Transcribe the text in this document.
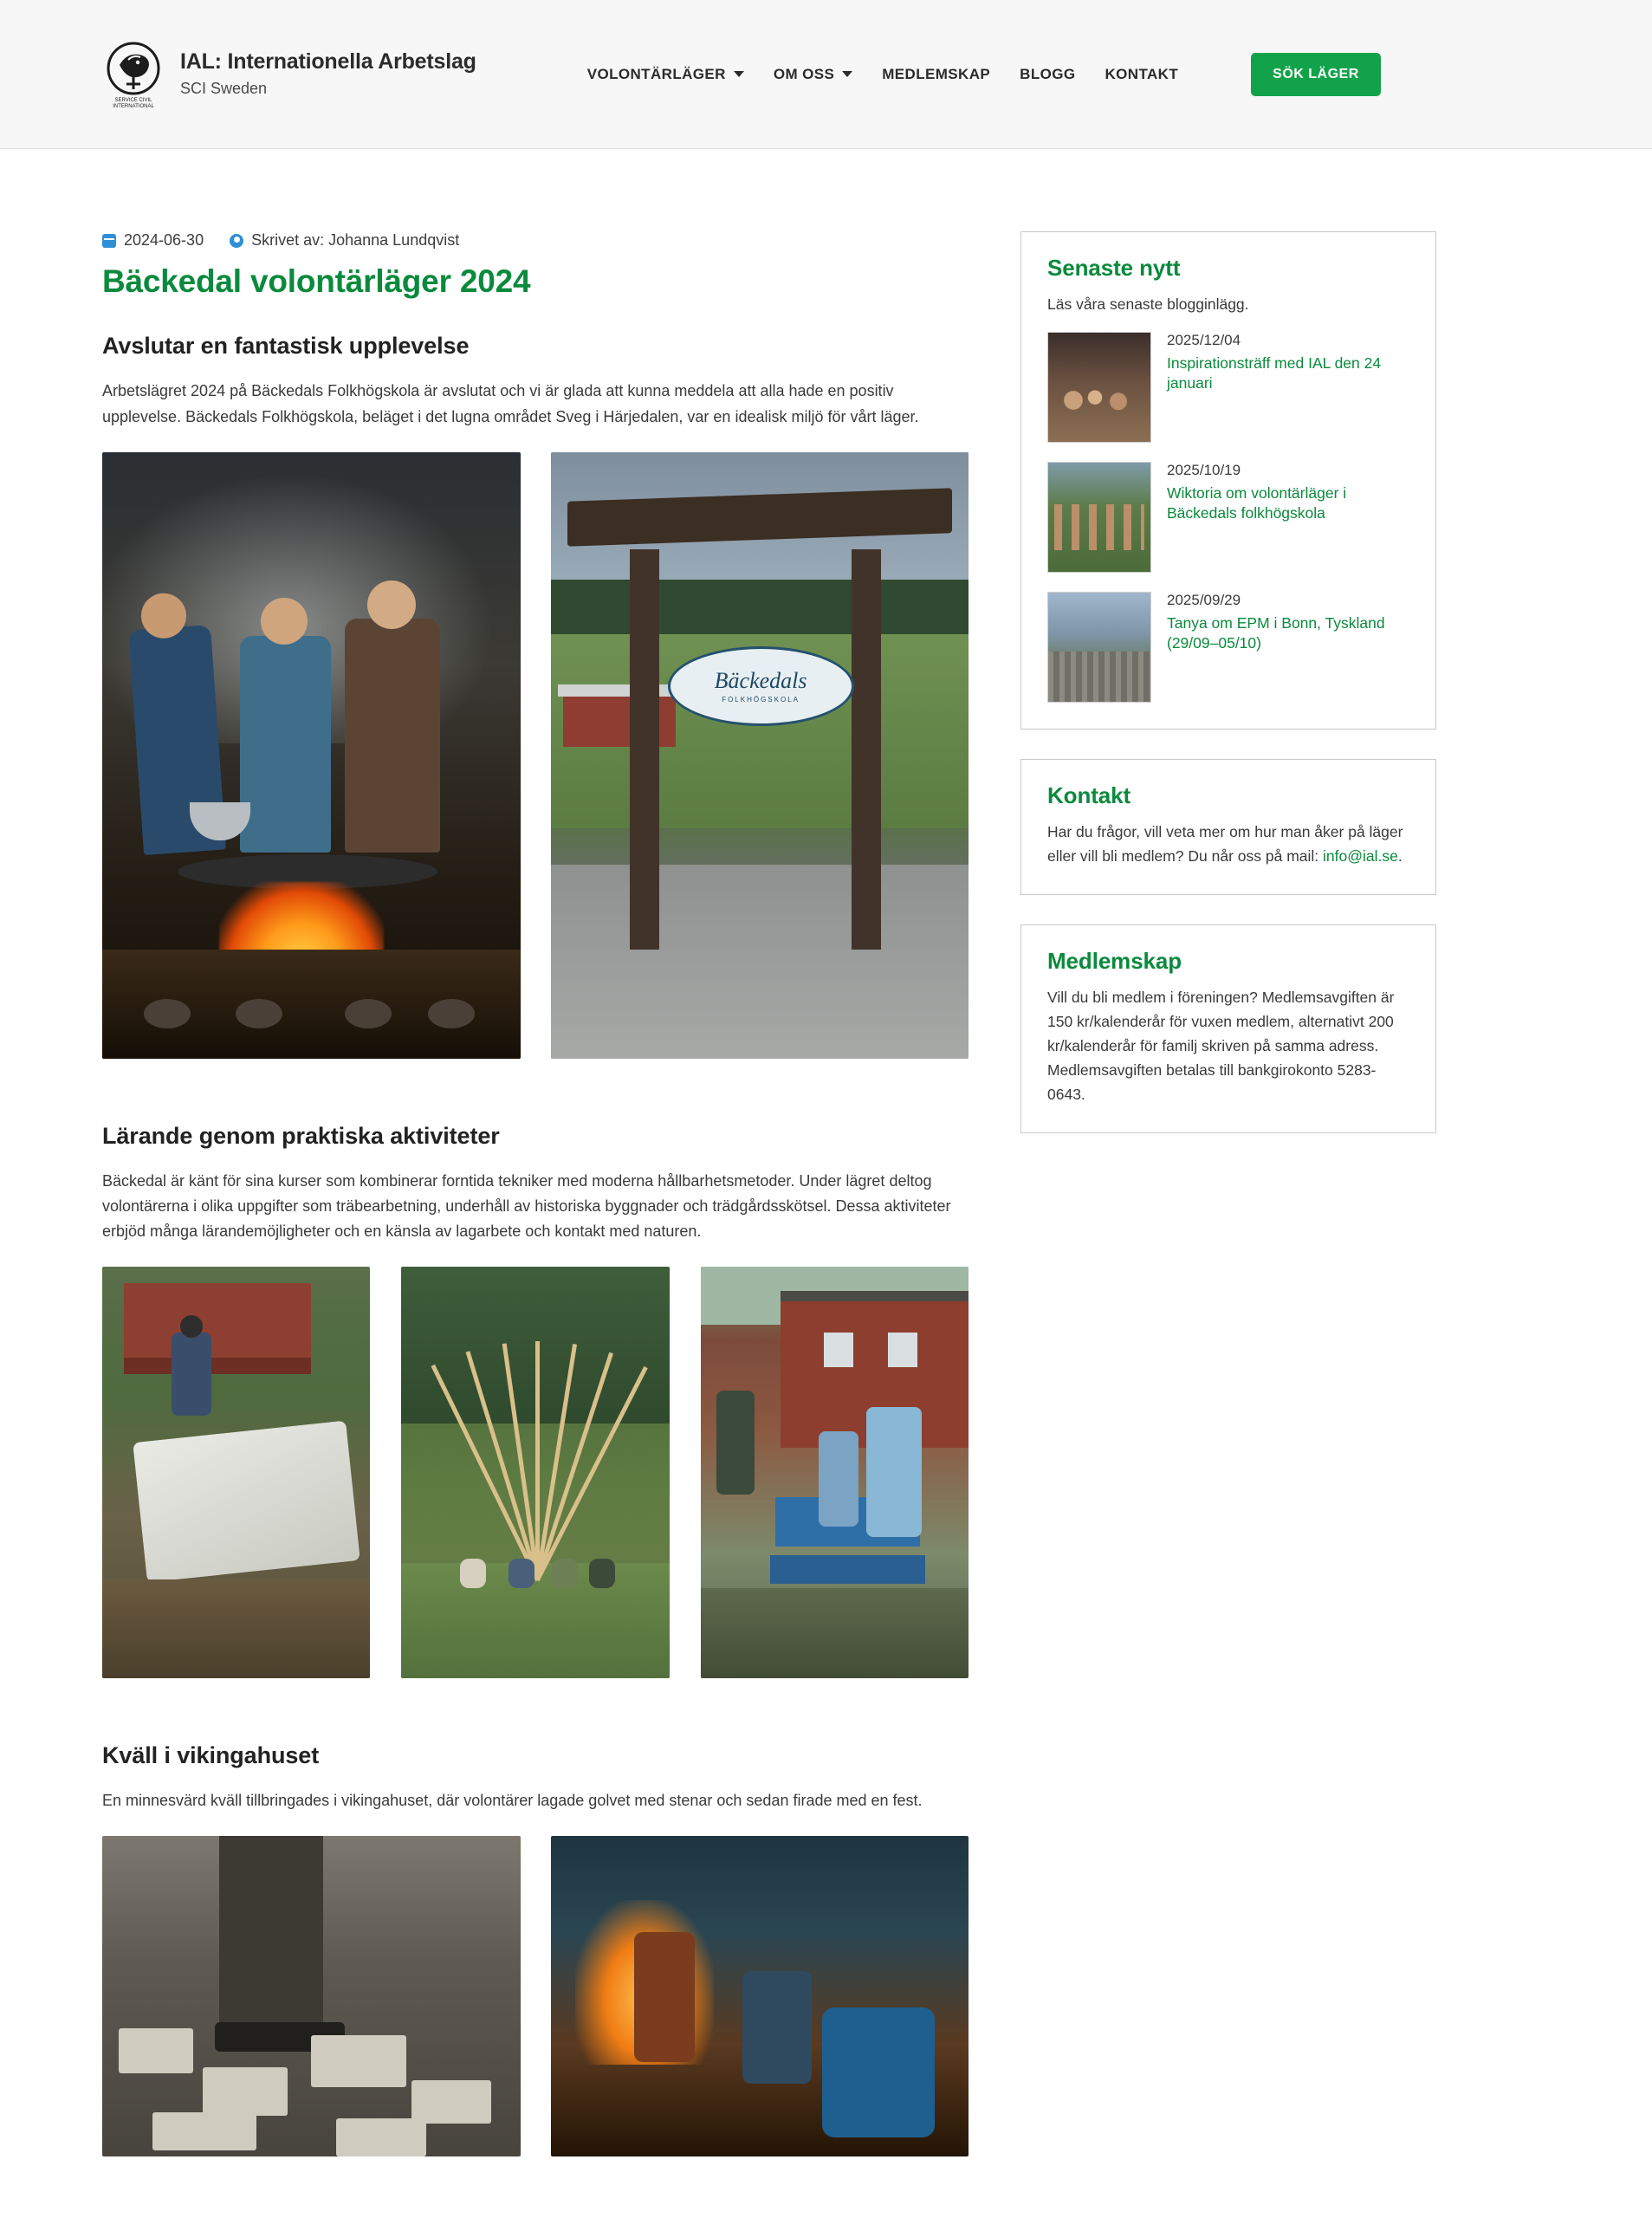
SERVICE CIVIL
INTERNATIONAL
IAL: Internationella Arbetslag
SCI Sweden
VOLONTÄRLÄGER	OM OSS	MEDLEMSKAP BLOGG KONTAKT	SÖK LÄGER
2024-06-30	Skrivet av: Johanna Lundqvist
Bäckedal volontärläger 2024
Avslutar en fantastisk upplevelse

Arbetslägret 2024 på Bäckedals Folkhögskola är avslutat och vi är glada att kunna meddela att alla hade en positiv upplevelse. Bäckedals Folkhögskola, beläget i det lugna området Sveg i Härjedalen, var en idealisk miljö för vårt läger.

Bäckedals
FOLKHÖGSKOLA
Lärande genom praktiska aktiviteter

Bäckedal är känt för sina kurser som kombinerar forntida tekniker med moderna hållbarhetsmetoder. Under lägret deltog volontärerna i olika uppgifter som träbearbetning, underhåll av historiska byggnader och trädgårdsskötsel. Dessa aktiviteter erbjöd många lärandemöjligheter och en känsla av lagarbete och kontakt med naturen.

Kväll i vikingahuset

En minnesvärd kväll tillbringades i vikingahuset, där volontärer lagade golvet med stenar och sedan firade med en fest.

Senaste nytt

Läs våra senaste blogginlägg.

2025/12/04
Inspirationsträff med IAL den 24 januari
2025/10/19
Wiktoria om volontärläger i Bäckedals folkhögskola
2025/09/29
Tanya om EPM i Bonn, Tyskland (29/09–05/10)
Kontakt

Har du frågor, vill veta mer om hur man åker på läger eller vill bli medlem? Du når oss på mail: info@ial.se.

Medlemskap

Vill du bli medlem i föreningen? Medlemsavgiften är 150 kr/kalenderår för vuxen medlem, alternativt 200 kr/kalenderår för familj skriven på samma adress. Medlemsavgiften betalas till bankgirokonto 5283-0643.
